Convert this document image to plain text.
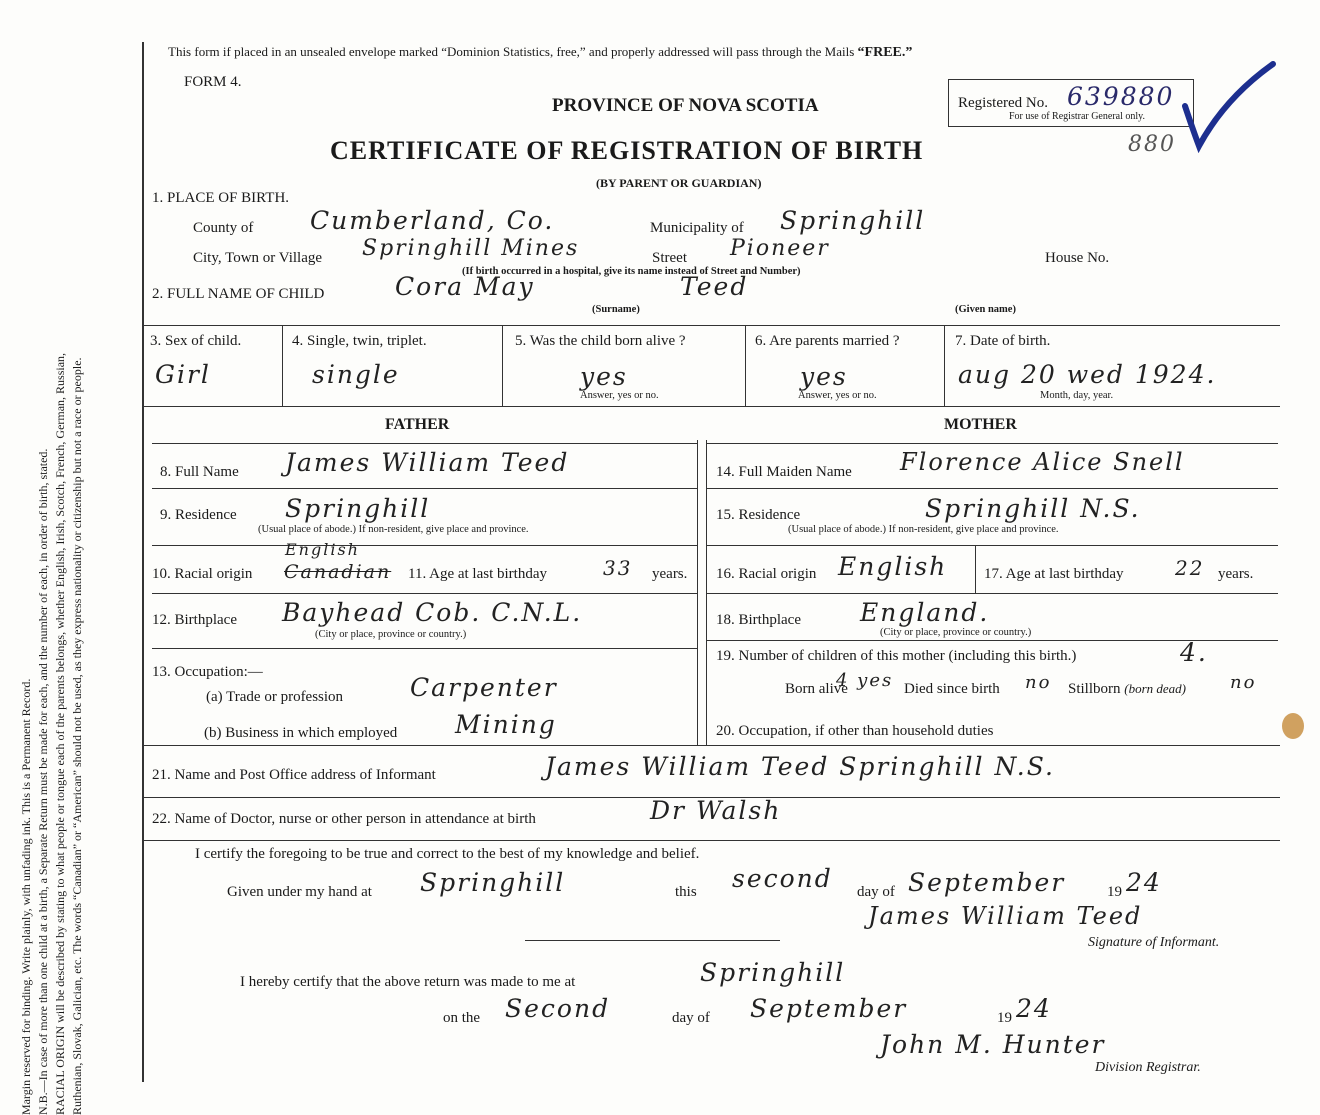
Margin reserved for binding. Write plainly, with unfading ink. This is a Permanent Record. N.B.—In case of more than one child at a birth, a Separate Return must be made for each, and the number of each, in order of birth, stated. RACIAL ORIGIN will be described by stating to what people or tongue each of the parents belongs, whether English, Irish, Scotch, French, German, Russian, Ruthenian, Slovak, Galician, etc. The words “Canadian” or “American” should not be used, as they express nationality or citizenship but not a race or people.
This form if placed in an unsealed envelope marked “Dominion Statistics, free,” and properly addressed will pass through the Mails “FREE.”
FORM 4.
PROVINCE OF NOVA SCOTIA
CERTIFICATE OF REGISTRATION OF BIRTH
(BY PARENT OR GUARDIAN)
Registered No. 639880
For use of Registrar General only.
880
1. PLACE OF BIRTH.
County of Cumberland, Co.	Municipality of Springhill
City, Town or Village Springhill Mines	Street Pioneer	House No.
(If birth occurred in a hospital, give its name instead of Street and Number)
2. FULL NAME OF CHILD	Cora May	Teed
(Surname)	(Given name)
3. Sex of child.
Girl
4. Single, twin, triplet.
single
5. Was the child born alive ?
yes
Answer, yes or no.
6. Are parents married ?
yes
Answer, yes or no.
7. Date of birth.
aug 20 wed 1924.
Month, day, year.
FATHER	MOTHER
8. Full Name James William Teed
9. Residence Springhill
(Usual place of abode.) If non-resident, give place and province.
10. Racial origin
English
Canadian 11. Age at last birthday	33 years.
12. Birthplace Bayhead Cob. C.N.L.
(City or place, province or country.)
13. Occupation:—
(a) Trade or profession	Carpenter
(b) Business in which employed Mining
14. Full Maiden Name Florence Alice Snell
15. Residence	Springhill N.S.
(Usual place of abode.) If non-resident, give place and province.
16. Racial origin English 17. Age at last birthday	22 years.
18. Birthplace England.
(City or place, province or country.)
19. Number of children of this mother (including this birth.)	4.
Born alive
4 yes Died since birth no Stillborn (born dead) no
20. Occupation, if other than household duties
21. Name and Post Office address of Informant	James William Teed Springhill N.S.
22. Name of Doctor, nurse or other person in attendance at birth	Dr Walsh
I certify the foregoing to be true and correct to the best of my knowledge and belief.
Given under my hand at Springhill	this second day of September	19 24
James William Teed
Signature of Informant.
I hereby certify that the above return was made to me at	Springhill
on the Second	day of September	19 24
John M. Hunter
Division Registrar.
